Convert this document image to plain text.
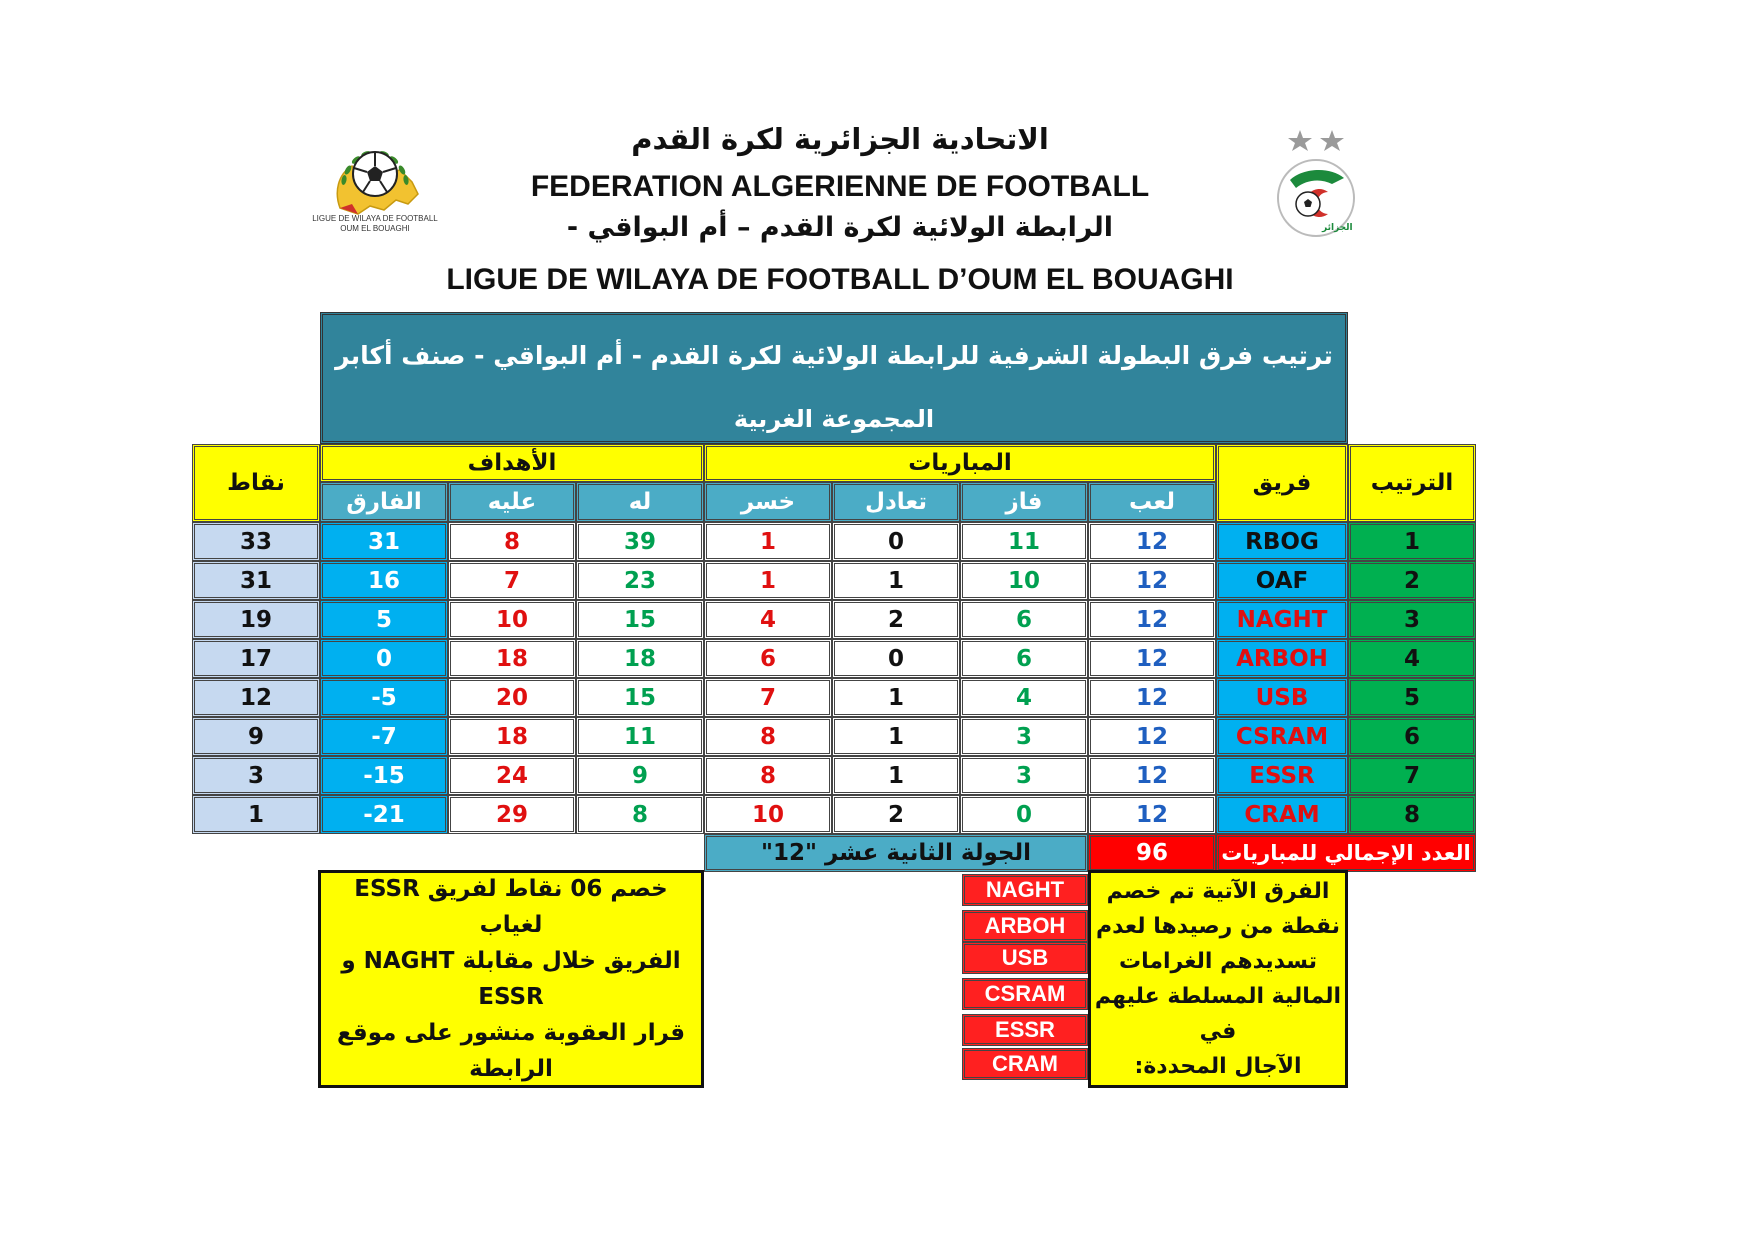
الاتحادية الجزائرية لكرة القدم
FEDERATION ALGERIENNE DE FOOTBALL
الرابطة الولائية لكرة القدم – أم البواقي -
LIGUE DE WILAYA DE FOOTBALL D’OUM EL BOUAGHI
LIGUE DE WILAYA DE FOOTBALL
OUM EL BOUAGHI	الجزائر
ترتيب فرق البطولة الشرفية للرابطة الولائية لكرة القدم - أم البواقي - صنف أكابر
المجموعة الغربية
نقاط
الأهداف	المباريات
فريق	الترتيب
الفارق	عليه	له	خسر	تعادل	فاز	لعب
33	31	8	39	1	0	11	12	RBOG	1
31	16	7	23	1	1	10	12	OAF	2
19	5	10	15	4	2	6	12	NAGHT	3
17	0	18	18	6	0	6	12	ARBOH	4
12	-5	20	15	7	1	4	12	USB	5
9	-7	18	11	8	1	3	12	CSRAM	6
3	-15	24	9	8	1	3	12	ESSR	7
1	-21	29	8	10	2	0	12	CRAM	8
الجولة الثانية عشر "12"	96	العدد الإجمالي للمباريات
خصم 06 نقاط لفريق ESSR لغياب
الفريق خلال مقابلة NAGHT و ESSR
قرار العقوبة منشور على موقع الرابطة
NAGHT
ARBOH
USB
CSRAM
ESSR
CRAM
الفرق الآتية تم خصم
نقطة من رصيدها لعدم
تسديدهم الغرامات
المالية المسلطة عليهم في
الآجال المحددة:
